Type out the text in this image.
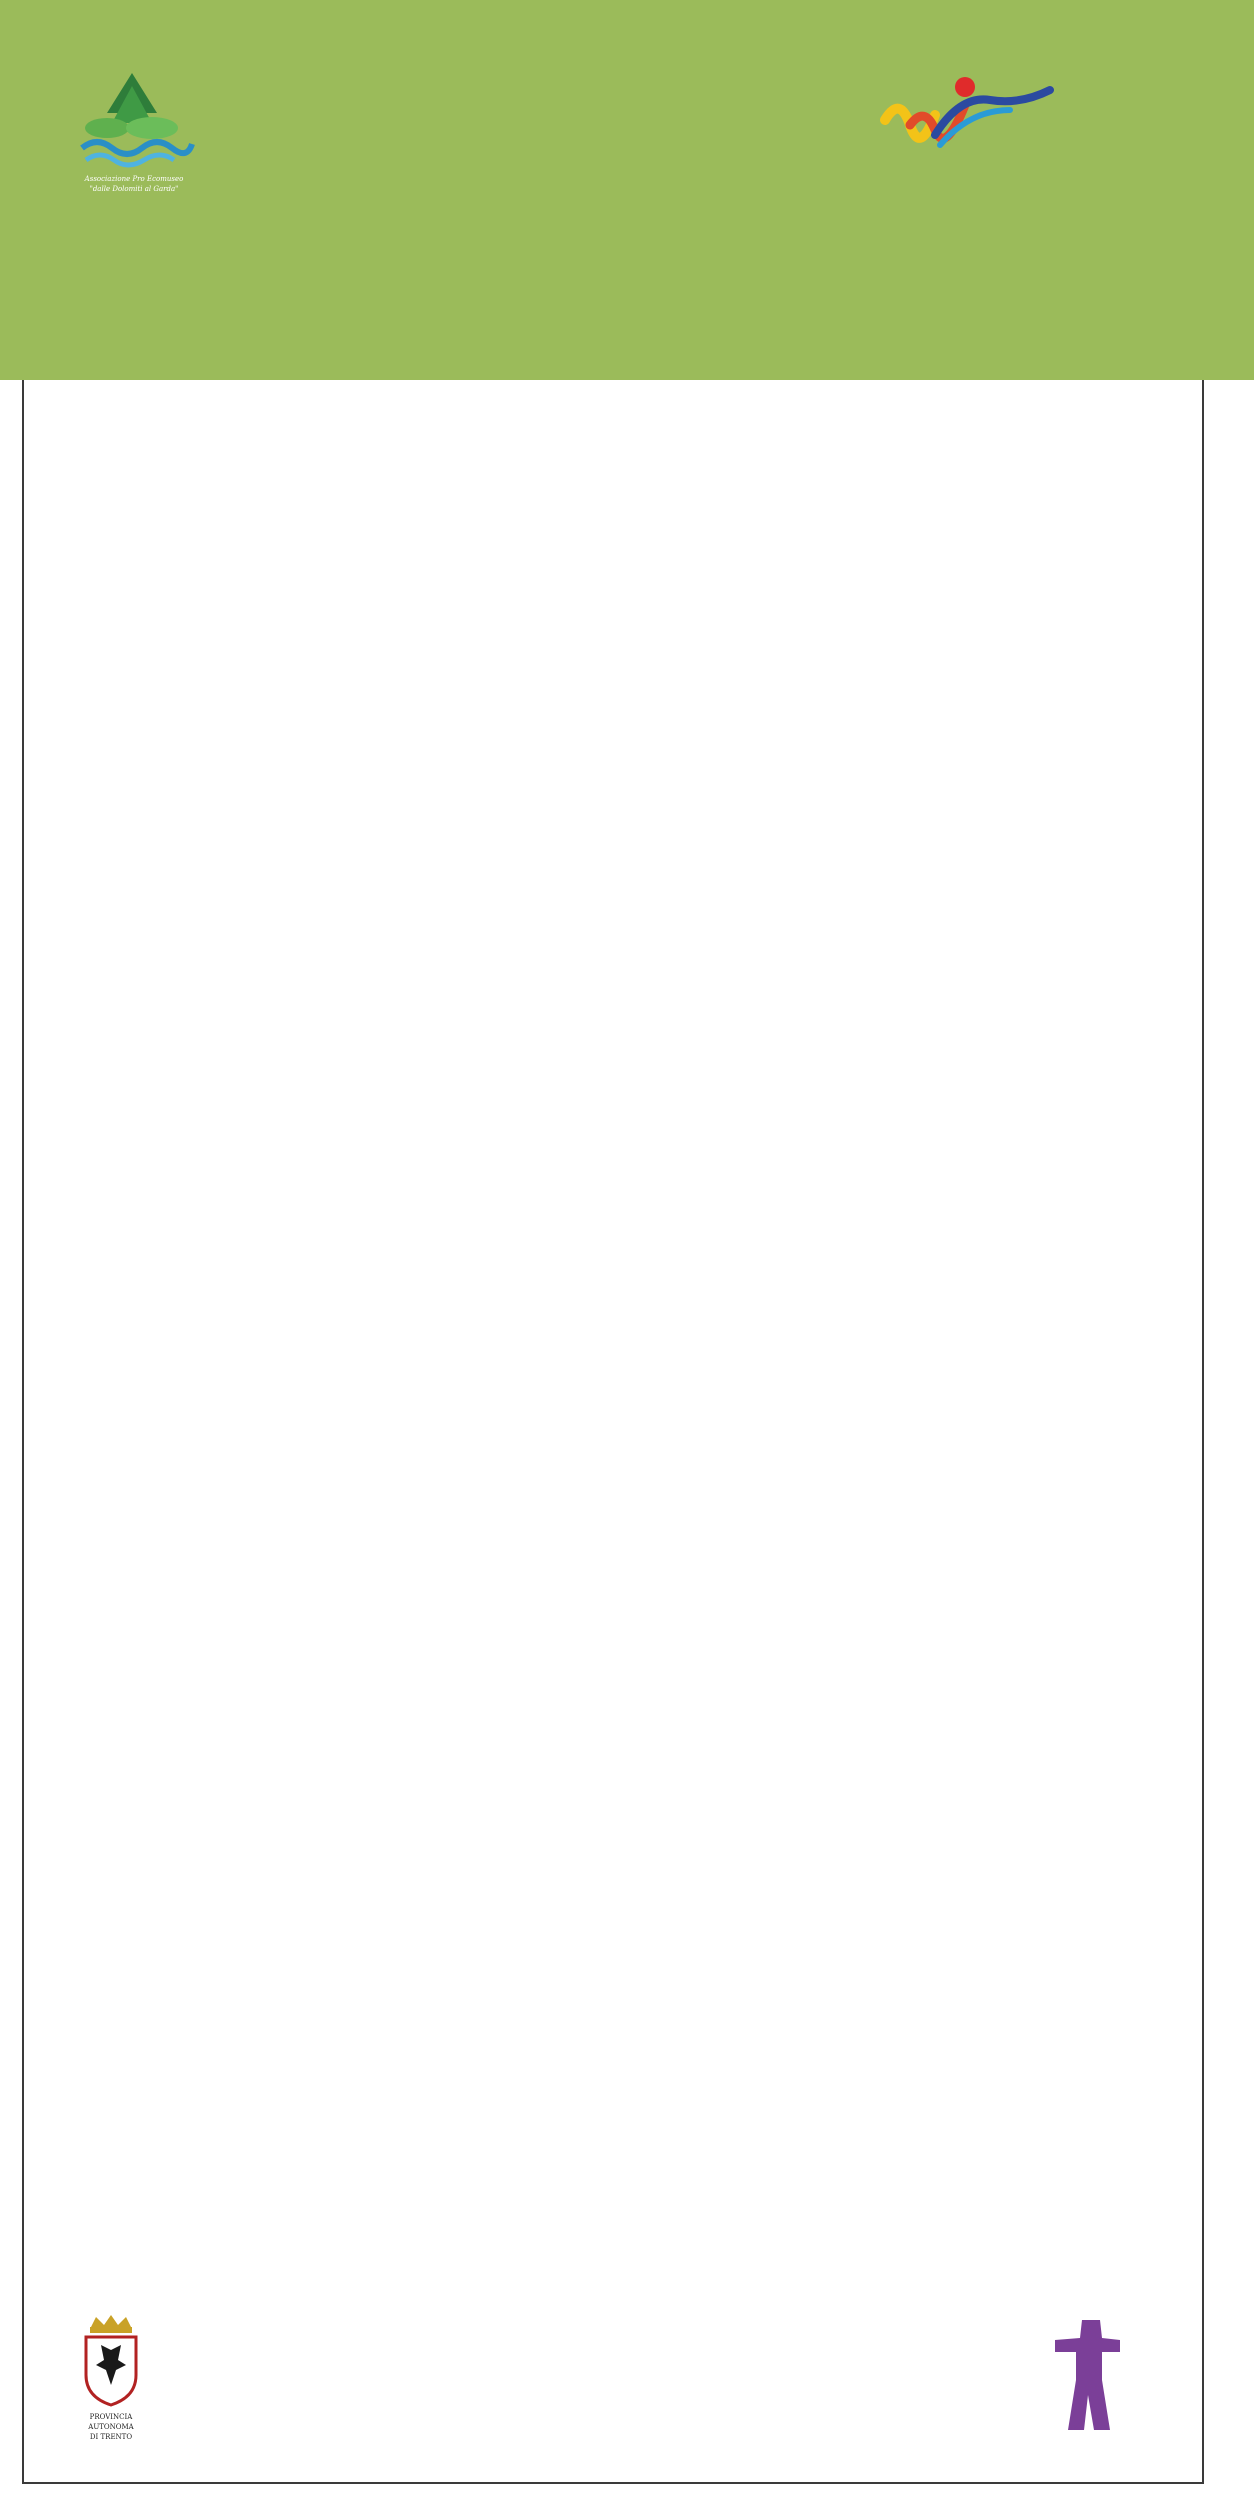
Associazione Pro Ecomuseo
"dalle Dolomiti al Garda"
PROVINCIA
AUTONOMA
DI TRENTO
